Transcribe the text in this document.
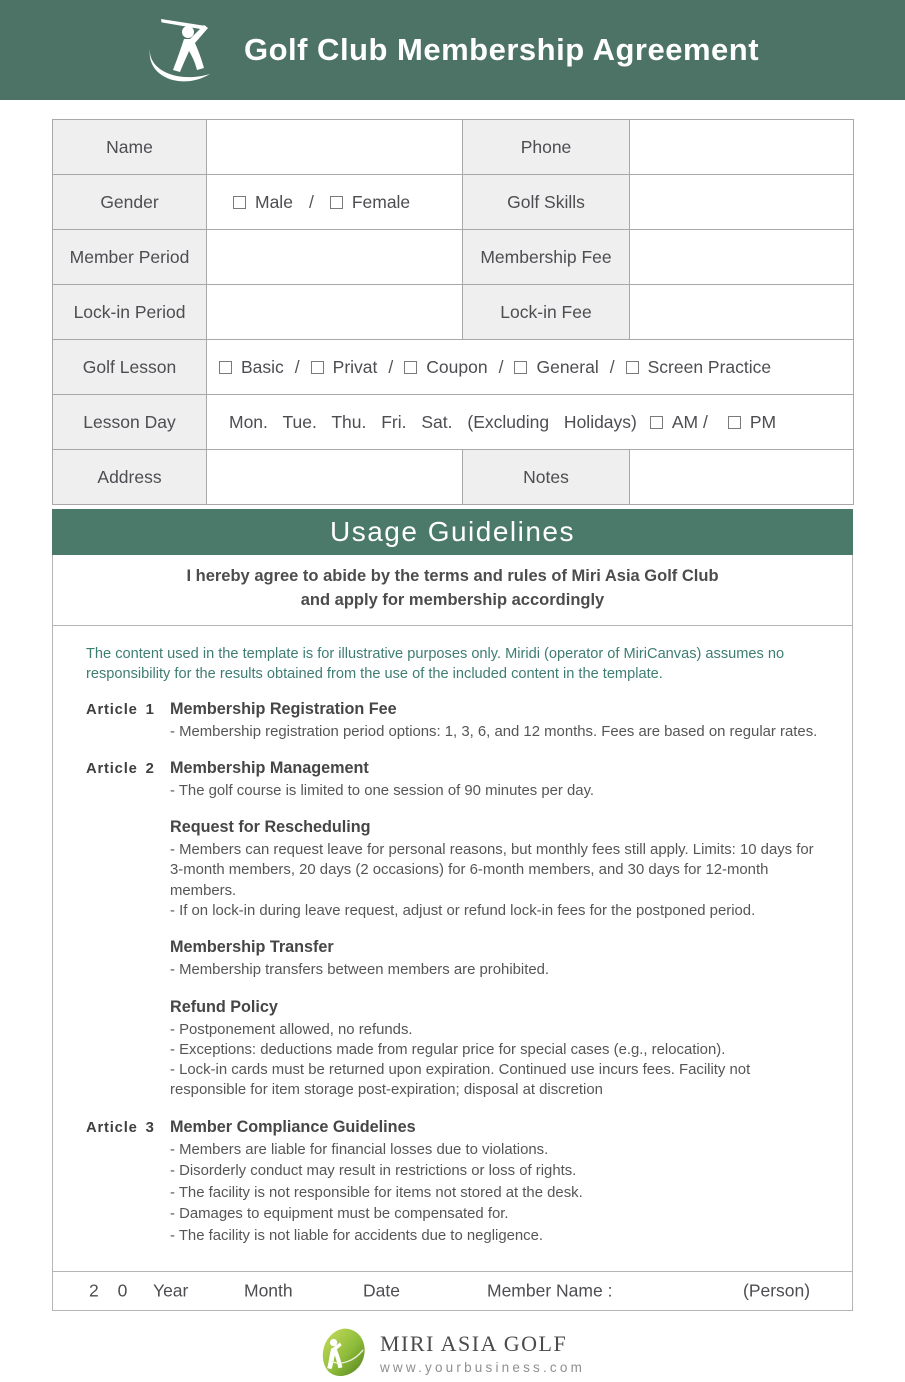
Golf Club Membership Agreement
Name		Phone	
Gender	Male / Female	Golf Skills	
Member Period		Membership Fee	
Lock-in Period		Lock-in Fee	
Golf Lesson	Basic / Privat / Coupon / General / Screen Practice		
Lesson Day	Mon. Tue. Thu. Fri. Sat. (Excluding Holidays) AM / PM		
Address		Notes	
Usage Guidelines
I hereby agree to abide by the terms and rules of Miri Asia Golf Club
and apply for membership accordingly
The content used in the template is for illustrative purposes only. Miridi (operator of MiriCanvas) assumes no responsibility for the results obtained from the use of the included content in the template.
Article 1 Membership Registration Fee
- Membership registration period options: 1, 3, 6, and 12 months. Fees are based on regular rates.
Article 2 Membership Management
- The golf course is limited to one session of 90 minutes per day.
Request for Rescheduling
- Members can request leave for personal reasons, but monthly fees still apply. Limits: 10 days for 3-month members, 20 days (2 occasions) for 6-month members, and 30 days for 12-month members.
- If on lock-in during leave request, adjust or refund lock-in fees for the postponed period.
Membership Transfer
- Membership transfers between members are prohibited.
Refund Policy
- Postponement allowed, no refunds.
- Exceptions: deductions made from regular price for special cases (e.g., relocation).
- Lock-in cards must be returned upon expiration. Continued use incurs fees. Facility not responsible for item storage post-expiration; disposal at discretion
Article 3 Member Compliance Guidelines
- Members are liable for financial losses due to violations.
- Disorderly conduct may result in restrictions or loss of rights.
- The facility is not responsible for items not stored at the desk.
- Damages to equipment must be compensated for.
- The facility is not liable for accidents due to negligence.
2 0 Year	Month	Date	Member Name :	(Person)
MIRI ASIA GOLF
www.yourbusiness.com
